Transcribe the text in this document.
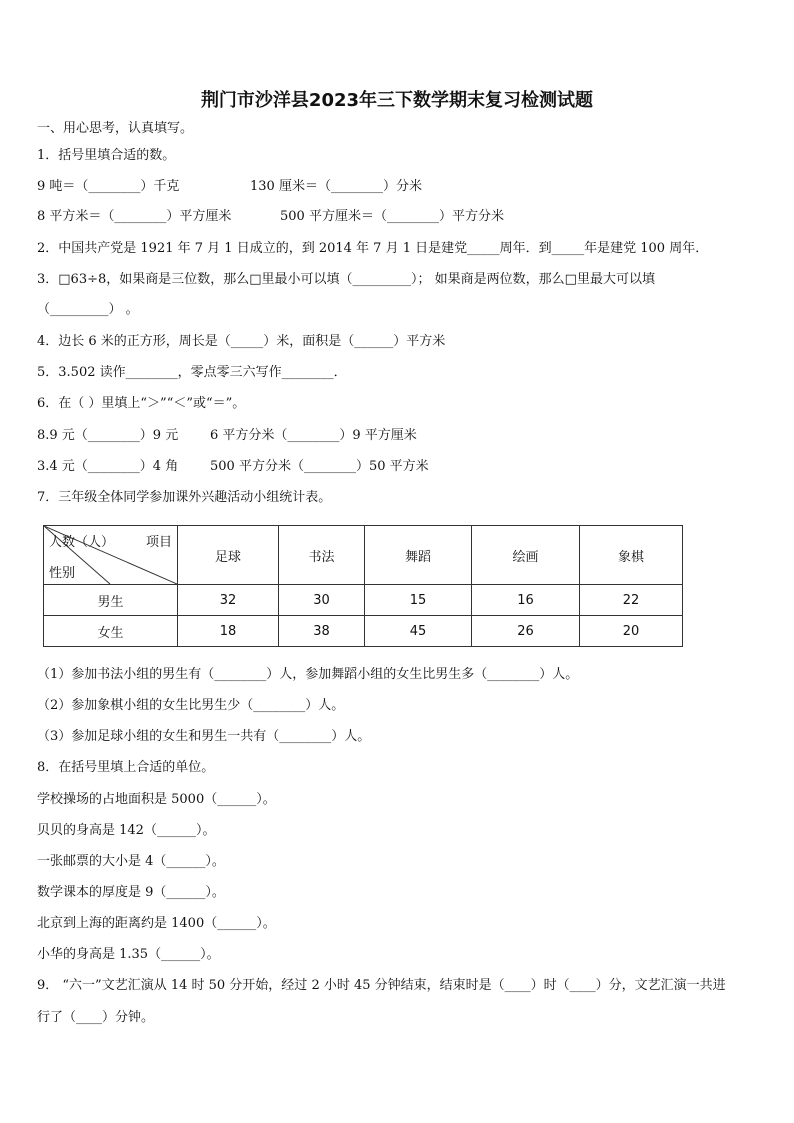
荆门市沙洋县2023年三下数学期末复习检测试题
一、用心思考，认真填写。
1．括号里填合适的数。
9 吨＝（________）千克	130 厘米＝（________）分米
8 平方米＝（________）平方厘米	500 平方厘米＝（________）平方分米
2．中国共产党是 1921 年 7 月 1 日成立的，到 2014 年 7 月 1 日是建党_____周年．到_____年是建党 100 周年．
3．□63÷8，如果商是三位数，那么□里最小可以填（_________）； 如果商是两位数，那么□里最大可以填
（_________） 。
4．边长 6 米的正方形，周长是（_____）米，面积是（______）平方米
5．3.502 读作________，零点零三六写作________．
6．在（ ）里填上“＞”“＜”或“＝”。
8.9 元（________）9 元 6 平方分米（________）9 平方厘米
3.4 元（________）4 角 500 平方分米（________）50 平方米
7．三年级全体同学参加课外兴趣活动小组统计表。
人数（人） 项目
性别	足球	书法	舞蹈	绘画	象棋
男生	32	30	15	16	22
女生	18	38	45	26	20
（1）参加书法小组的男生有（________）人，参加舞蹈小组的女生比男生多（________）人。
（2）参加象棋小组的女生比男生少（________）人。
（3）参加足球小组的女生和男生一共有（________）人。
8．在括号里填上合适的单位。
学校操场的占地面积是 5000（______）。
贝贝的身高是 142（______）。
一张邮票的大小是 4（______）。
数学课本的厚度是 9（______）。
北京到上海的距离约是 1400（______）。
小华的身高是 1.35（______）。
9． “六一”文艺汇演从 14 时 50 分开始，经过 2 小时 45 分钟结束，结束时是（____）时（____）分，文艺汇演一共进
行了（____）分钟。
